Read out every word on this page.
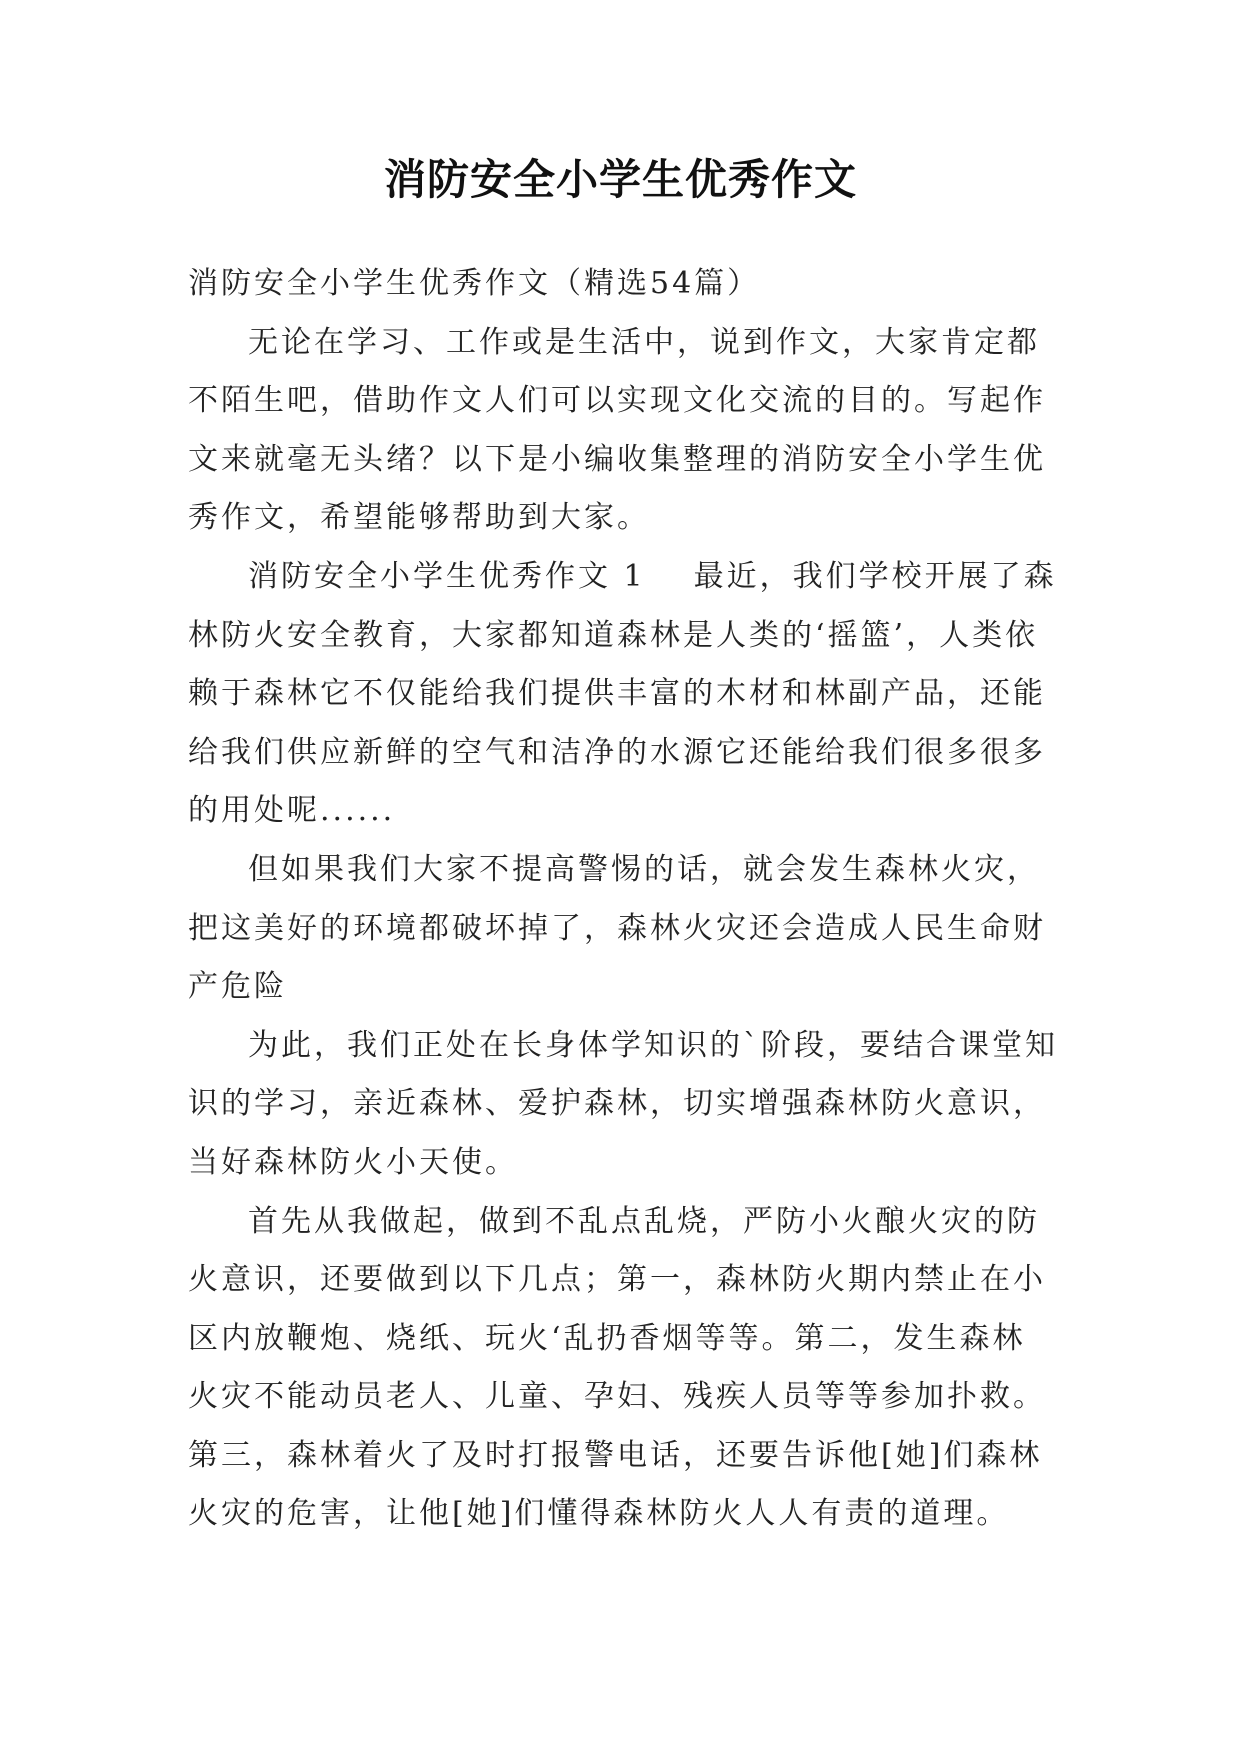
消防安全小学生优秀作文

消防安全小学生优秀作文（精选54篇）

无论在学习、工作或是生活中，说到作文，大家肯定都不陌生吧，借助作文人们可以实现文化交流的目的。写起作文来就毫无头绪？以下是小编收集整理的消防安全小学生优秀作文，希望能够帮助到大家。

消防安全小学生优秀作文 1 最近，我们学校开展了森林防火安全教育，大家都知道森林是人类的‘摇篮’，人类依赖于森林它不仅能给我们提供丰富的木材和林副产品，还能给我们供应新鲜的空气和洁净的水源它还能给我们很多很多的用处呢......

但如果我们大家不提高警惕的话，就会发生森林火灾，把这美好的环境都破坏掉了，森林火灾还会造成人民生命财产危险

为此，我们正处在长身体学知识的`阶段，要结合课堂知识的学习，亲近森林、爱护森林，切实增强森林防火意识，当好森林防火小天使。

首先从我做起，做到不乱点乱烧，严防小火酿火灾的防火意识，还要做到以下几点；第一，森林防火期内禁止在小区内放鞭炮、烧纸、玩火‘乱扔香烟等等。第二，发生森林火灾不能动员老人、儿童、孕妇、残疾人员等等参加扑救。第三，森林着火了及时打报警电话，还要告诉他[她]们森林火灾的危害，让他[她]们懂得森林防火人人有责的道理。
